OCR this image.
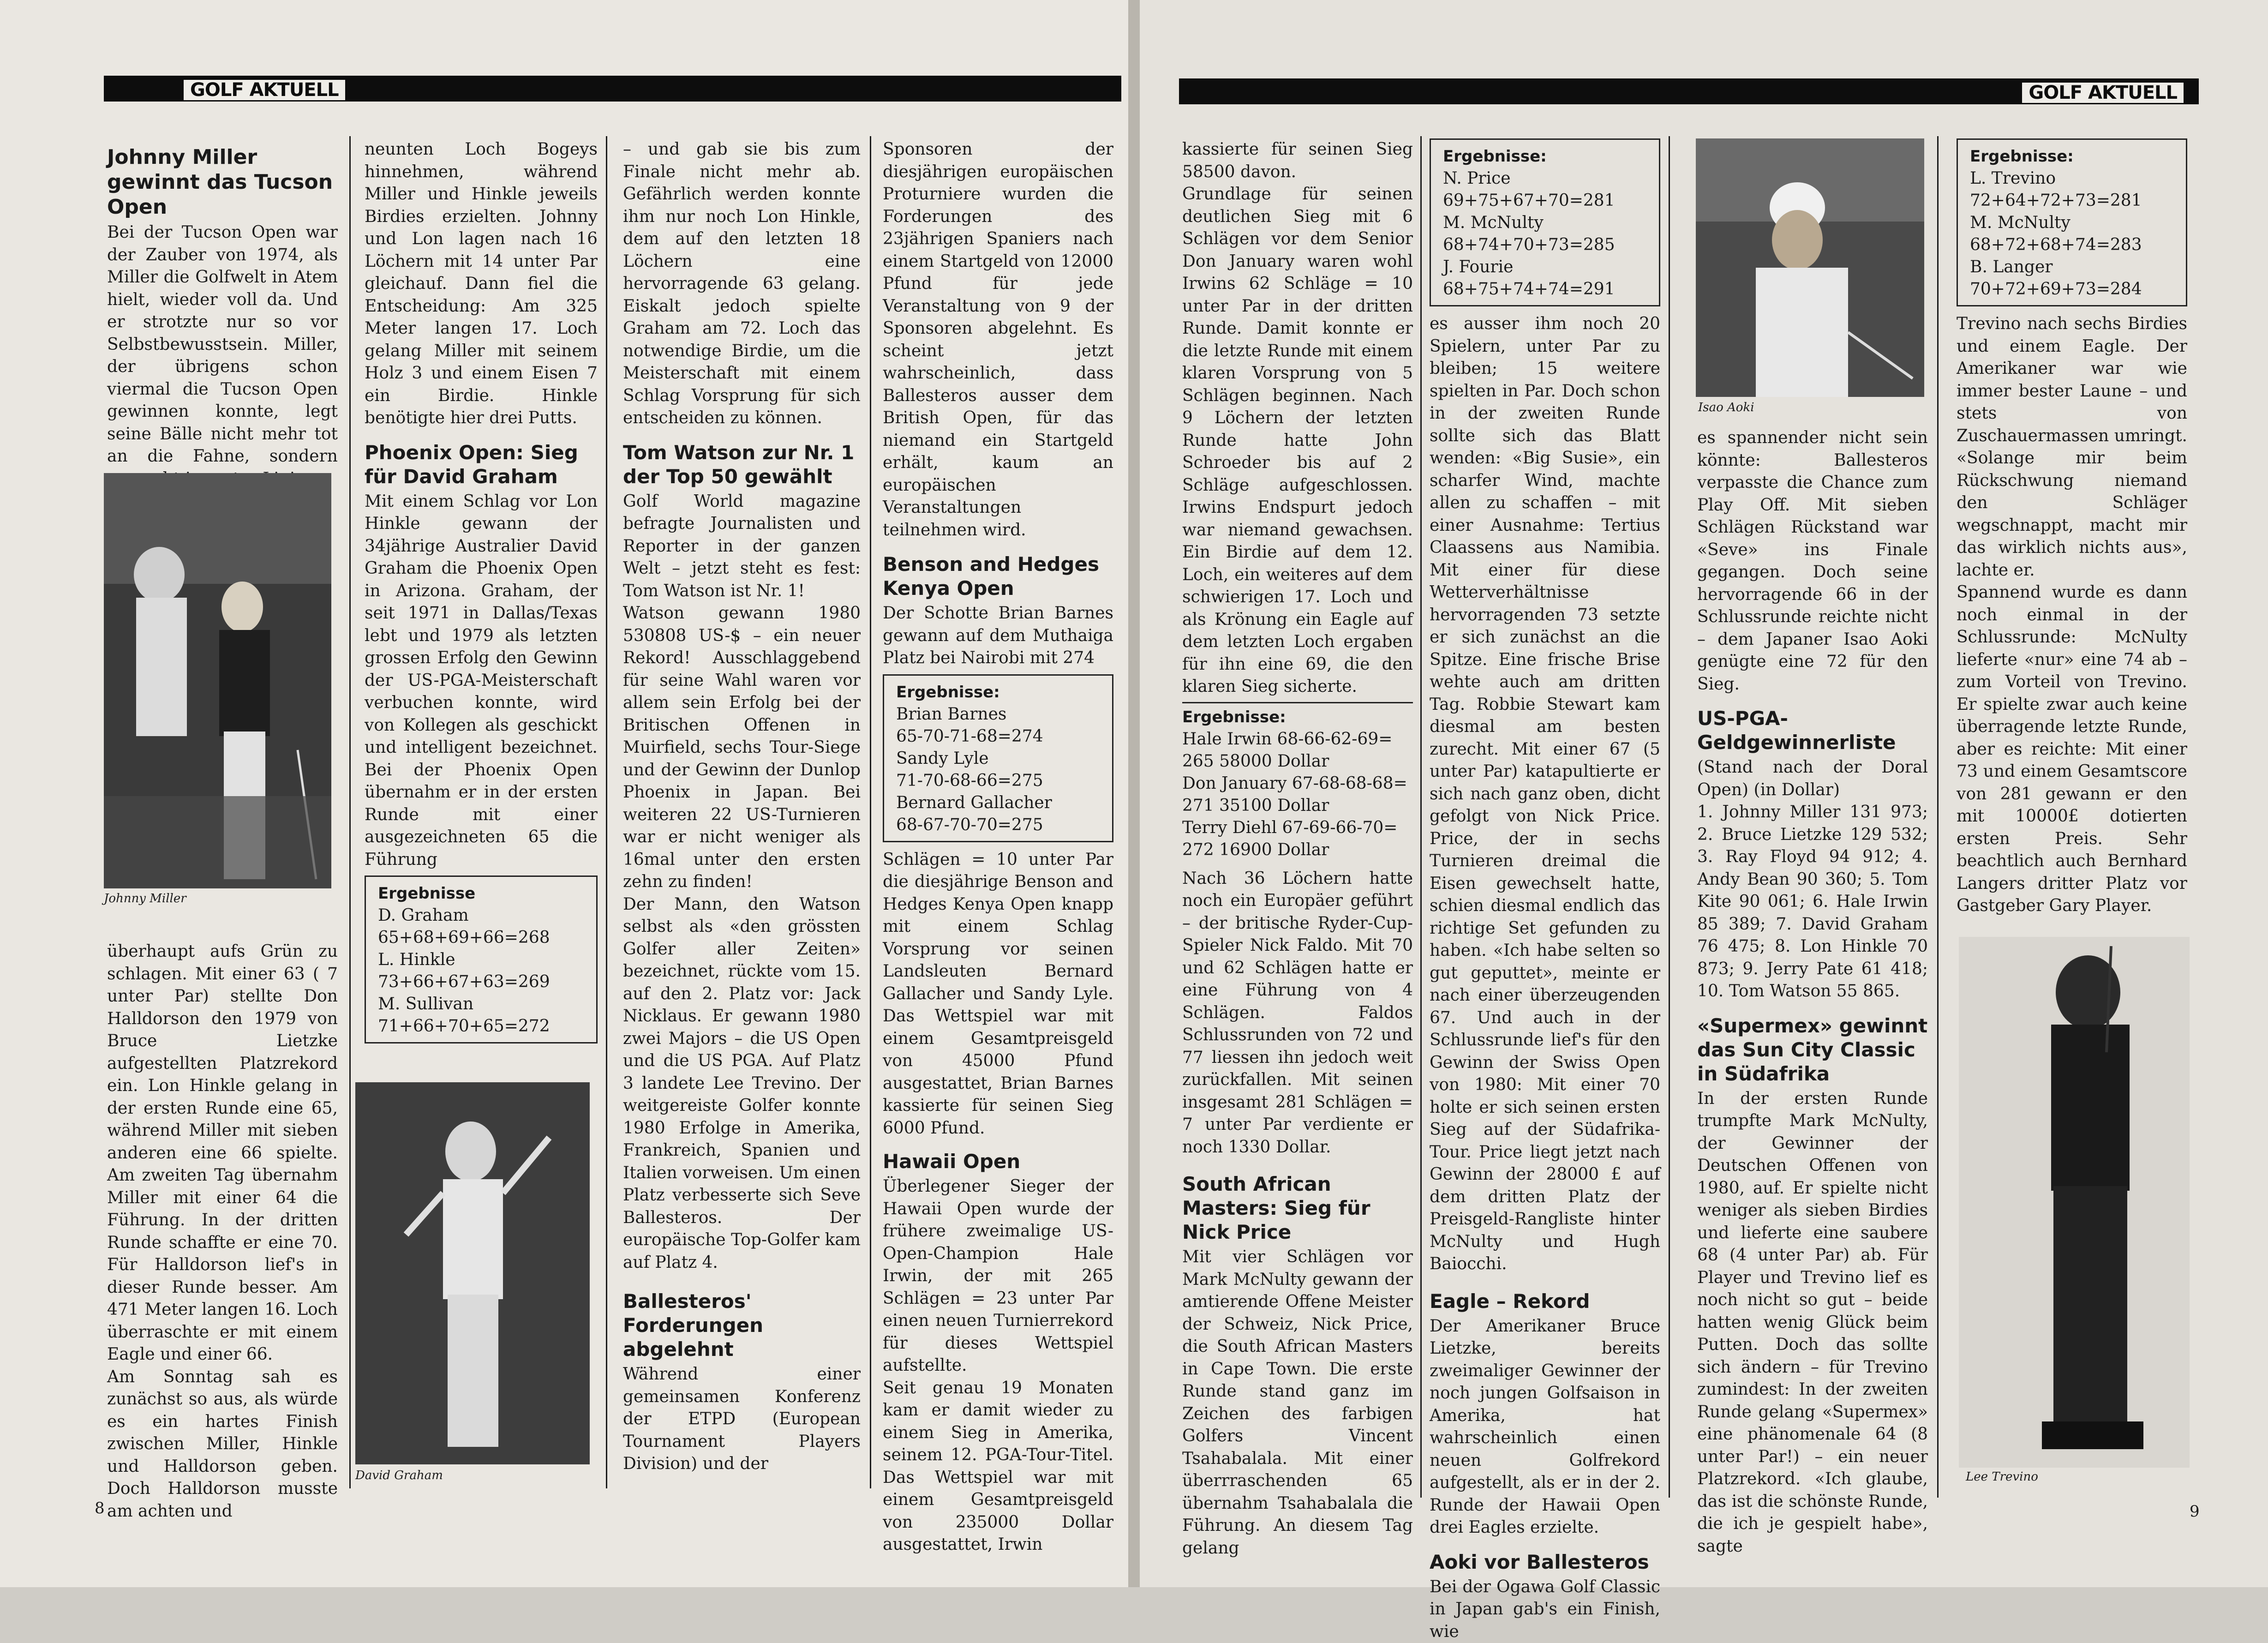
GOLF AKTUELL
Johnny Miller gewinnt das Tucson Open

Bei der Tucson Open war der Zauber von 1974, als Miller die Golfwelt in Atem hielt, wieder voll da. Und er strotzte nur so vor Selbstbewusstsein. Miller, der übrigens schon viermal die Tucson Open gewinnen konnte, legt seine Bälle nicht mehr tot an die Fahne, sondern

Johnny Miller

überhaupt aufs Grün zu schlagen. Mit einer 63 ( 7 unter Par) stellte Don Halldorson den 1979 von Bruce Lietzke aufgestellten Platzrekord ein. Lon Hinkle gelang in der ersten Runde eine 65, während Miller mit sieben anderen eine 66 spielte. Am zweiten Tag übernahm Miller mit einer 64 die Führung. In der dritten Runde schaffte er eine 70. Für Halldorson lief's in dieser Runde besser. Am 471 Meter langen 16. Loch überraschte er mit einem Eagle und einer 66.

Am Sonntag sah es zunächst so aus, als würde es ein hartes Finish zwischen Miller, Hinkle und Halldorson geben. Doch Halldorson musste am achten und

neunten Loch Bogeys hinnehmen, während Miller und Hinkle jeweils Birdies erzielten. Johnny und Lon lagen nach 16 Löchern mit 14 unter Par gleichauf. Dann fiel die Entscheidung: Am 325 Meter langen 17. Loch gelang Miller mit seinem Holz 3 und einem Eisen 7 ein Birdie. Hinkle benötigte hier drei Putts.

Phoenix Open: Sieg für David Graham

Mit einem Schlag vor Lon Hinkle gewann der 34jährige Australier David Graham die Phoenix Open in Arizona. Graham, der seit 1971 in Dallas/Texas lebt und 1979 als letzten grossen Erfolg den Gewinn der US-PGA-Meisterschaft verbuchen konnte, wird von Kollegen als geschickt und intelligent bezeichnet. Bei der Phoenix Open übernahm er in der ersten Runde mit einer ausgezeichneten 65 die Führung

Ergebnisse
D. Graham
65+68+69+66=268
L. Hinkle
73+66+67+63=269
M. Sullivan
71+66+70+65=272
David Graham

– und gab sie bis zum Finale nicht mehr ab. Gefährlich werden konnte ihm nur noch Lon Hinkle, dem auf den letzten 18 Löchern eine hervorragende 63 gelang. Eiskalt jedoch spielte Graham am 72. Loch das notwendige Birdie, um die Meisterschaft mit einem Schlag Vorsprung für sich entscheiden zu können.

Tom Watson zur Nr. 1 der Top 50 gewählt

Golf World magazine befragte Journalisten und Reporter in der ganzen Welt – jetzt steht es fest: Tom Watson ist Nr. 1!

Watson gewann 1980 530808 US-$ – ein neuer Rekord! Ausschlaggebend für seine Wahl waren vor allem sein Erfolg bei der Britischen Offenen in Muirfield, sechs Tour-Siege und der Gewinn der Dunlop Phoenix in Japan. Bei weiteren 22 US-Turnieren war er nicht weniger als 16mal unter den ersten zehn zu finden!

Der Mann, den Watson selbst als «den grössten Golfer aller Zeiten» bezeichnet, rückte vom 15. auf den 2. Platz vor: Jack Nicklaus. Er gewann 1980 zwei Majors – die US Open und die US PGA. Auf Platz 3 landete Lee Trevino. Der weitgereiste Golfer konnte 1980 Erfolge in Amerika, Frankreich, Spanien und Italien vorweisen. Um einen Platz verbesserte sich Seve Ballesteros. Der europäische Top-Golfer kam auf Platz 4.

Ballesteros' Forderungen abgelehnt

Während einer gemeinsamen Konferenz der ETPD (European Tournament Players Division) und der

Sponsoren der diesjährigen europäischen Proturniere wurden die Forderungen des 23jährigen Spaniers nach einem Startgeld von 12000 Pfund für jede Veranstaltung von 9 der Sponsoren abgelehnt. Es scheint jetzt wahrscheinlich, dass Ballesteros ausser dem British Open, für das niemand ein Startgeld erhält, kaum an europäischen Veranstaltungen teilnehmen wird.

Benson and Hedges Kenya Open

Der Schotte Brian Barnes gewann auf dem Muthaiga Platz bei Nairobi mit 274

Ergebnisse:
Brian Barnes
65-70-71-68=274
Sandy Lyle
71-70-68-66=275
Bernard Gallacher
68-67-70-70=275

Schlägen = 10 unter Par die diesjährige Benson and Hedges Kenya Open knapp mit einem Schlag Vorsprung vor seinen Landsleuten Bernard Gallacher und Sandy Lyle. Das Wettspiel war mit einem Gesamtpreisgeld von 45000 Pfund ausgestattet, Brian Barnes kassierte für seinen Sieg 6000 Pfund.

Hawaii Open

Überlegener Sieger der Hawaii Open wurde der frühere zweimalige US-Open-Champion Hale Irwin, der mit 265 Schlägen = 23 unter Par einen neuen Turnierrekord für dieses Wettspiel aufstellte.

Seit genau 19 Monaten kam er damit wieder zu einem Sieg in Amerika, seinem 12. PGA-Tour-Titel. Das Wettspiel war mit einem Gesamtpreisgeld von 235000 Dollar ausgestattet, Irwin

8
GOLF AKTUELL

kassierte für seinen Sieg 58500 davon.

Grundlage für seinen deutlichen Sieg mit 6 Schlägen vor dem Senior Don January waren wohl Irwins 62 Schläge = 10 unter Par in der dritten Runde. Damit konnte er die letzte Runde mit einem klaren Vorsprung von 5 Schlägen beginnen. Nach 9 Löchern der letzten Runde hatte John Schroeder bis auf 2 Schläge aufgeschlossen. Irwins Endspurt jedoch war niemand gewachsen. Ein Birdie auf dem 12. Loch, ein weiteres auf dem schwierigen 17. Loch und als Krönung ein Eagle auf dem letzten Loch ergaben für ihn eine 69, die den klaren Sieg sicherte.

Ergebnisse:
Hale Irwin 68-66-62-69=
265 58000 Dollar
Don January 67-68-68-68=
271 35100 Dollar
Terry Diehl 67-69-66-70=
272 16900 Dollar

Nach 36 Löchern hatte noch ein Europäer geführt – der britische Ryder-Cup-Spieler Nick Faldo. Mit 70 und 62 Schlägen hatte er eine Führung von 4 Schlägen. Faldos Schlussrunden von 72 und 77 liessen ihn jedoch weit zurückfallen. Mit seinen insgesamt 281 Schlägen = 7 unter Par verdiente er noch 1330 Dollar.

South African Masters: Sieg für Nick Price

Mit vier Schlägen vor Mark McNulty gewann der amtierende Offene Meister der Schweiz, Nick Price, die South African Masters in Cape Town. Die erste Runde stand ganz im Zeichen des farbigen Golfers Vincent Tsahabalala. Mit einer überrraschenden 65 übernahm Tsahabalala die Führung. An diesem Tag gelang

Ergebnisse:
N. Price
69+75+67+70=281
M. McNulty
68+74+70+73=285
J. Fourie
68+75+74+74=291

es ausser ihm noch 20 Spielern, unter Par zu bleiben; 15 weitere spielten in Par. Doch schon in der zweiten Runde sollte sich das Blatt wenden: «Big Susie», ein scharfer Wind, machte allen zu schaffen – mit einer Ausnahme: Tertius Claassens aus Namibia. Mit einer für diese Wetterverhältnisse hervorragenden 73 setzte er sich zunächst an die Spitze. Eine frische Brise wehte auch am dritten Tag. Robbie Stewart kam diesmal am besten zurecht. Mit einer 67 (5 unter Par) katapultierte er sich nach ganz oben, dicht gefolgt von Nick Price. Price, der in sechs Turnieren dreimal die Eisen gewechselt hatte, schien diesmal endlich das richtige Set gefunden zu haben. «Ich habe selten so gut geputtet», meinte er nach einer überzeugenden 67. Und auch in der Schlussrunde lief's für den Gewinn der Swiss Open von 1980: Mit einer 70 holte er sich seinen ersten Sieg auf der Südafrika-Tour. Price liegt jetzt nach Gewinn der 28000 £ auf dem dritten Platz der Preisgeld-Rangliste hinter McNulty und Hugh Baiocchi.

Eagle – Rekord

Der Amerikaner Bruce Lietzke, bereits zweimaliger Gewinner der noch jungen Golfsaison in Amerika, hat wahrscheinlich einen neuen Golfrekord aufgestellt, als er in der 2. Runde der Hawaii Open drei Eagles erzielte.

Aoki vor Ballesteros

Bei der Ogawa Golf Classic in Japan gab's ein Finish, wie

Isao Aoki

es spannender nicht sein könnte: Ballesteros verpasste die Chance zum Play Off. Mit sieben Schlägen Rückstand war «Seve» ins Finale gegangen. Doch seine hervorragende 66 in der Schlussrunde reichte nicht – dem Japaner Isao Aoki genügte eine 72 für den Sieg.

US-PGA-Geldgewinnerliste

(Stand nach der Doral Open) (in Dollar)

1. Johnny Miller 131 973; 2. Bruce Lietzke 129 532; 3. Ray Floyd 94 912; 4. Andy Bean 90 360; 5. Tom Kite 90 061; 6. Hale Irwin 85 389; 7. David Graham 76 475; 8. Lon Hinkle 70 873; 9. Jerry Pate 61 418; 10. Tom Watson 55 865.

«Supermex» gewinnt das Sun City Classic in Südafrika

In der ersten Runde trumpfte Mark McNulty, der Gewinner der Deutschen Offenen von 1980, auf. Er spielte nicht weniger als sieben Birdies und lieferte eine saubere 68 (4 unter Par) ab. Für Player und Trevino lief es noch nicht so gut – beide hatten wenig Glück beim Putten. Doch das sollte sich ändern – für Trevino zumindest: In der zweiten Runde gelang «Supermex» eine phänomenale 64 (8 unter Par!) – ein neuer Platzrekord. «Ich glaube, das ist die schönste Runde, die ich je gespielt habe», sagte

Ergebnisse:
L. Trevino
72+64+72+73=281
M. McNulty
68+72+68+74=283
B. Langer
70+72+69+73=284

Trevino nach sechs Birdies und einem Eagle. Der Amerikaner war wie immer bester Laune – und stets von Zuschauermassen umringt. «Solange mir beim Rückschwung niemand den Schläger wegschnappt, macht mir das wirklich nichts aus», lachte er.

Spannend wurde es dann noch einmal in der Schlussrunde: McNulty lieferte «nur» eine 74 ab – zum Vorteil von Trevino. Er spielte zwar auch keine überragende letzte Runde, aber es reichte: Mit einer 73 und einem Gesamtscore von 281 gewann er den mit 10000£ dotierten ersten Preis. Sehr beachtlich auch Bernhard Langers dritter Platz vor Gastgeber Gary Player.

Lee Trevino
9
